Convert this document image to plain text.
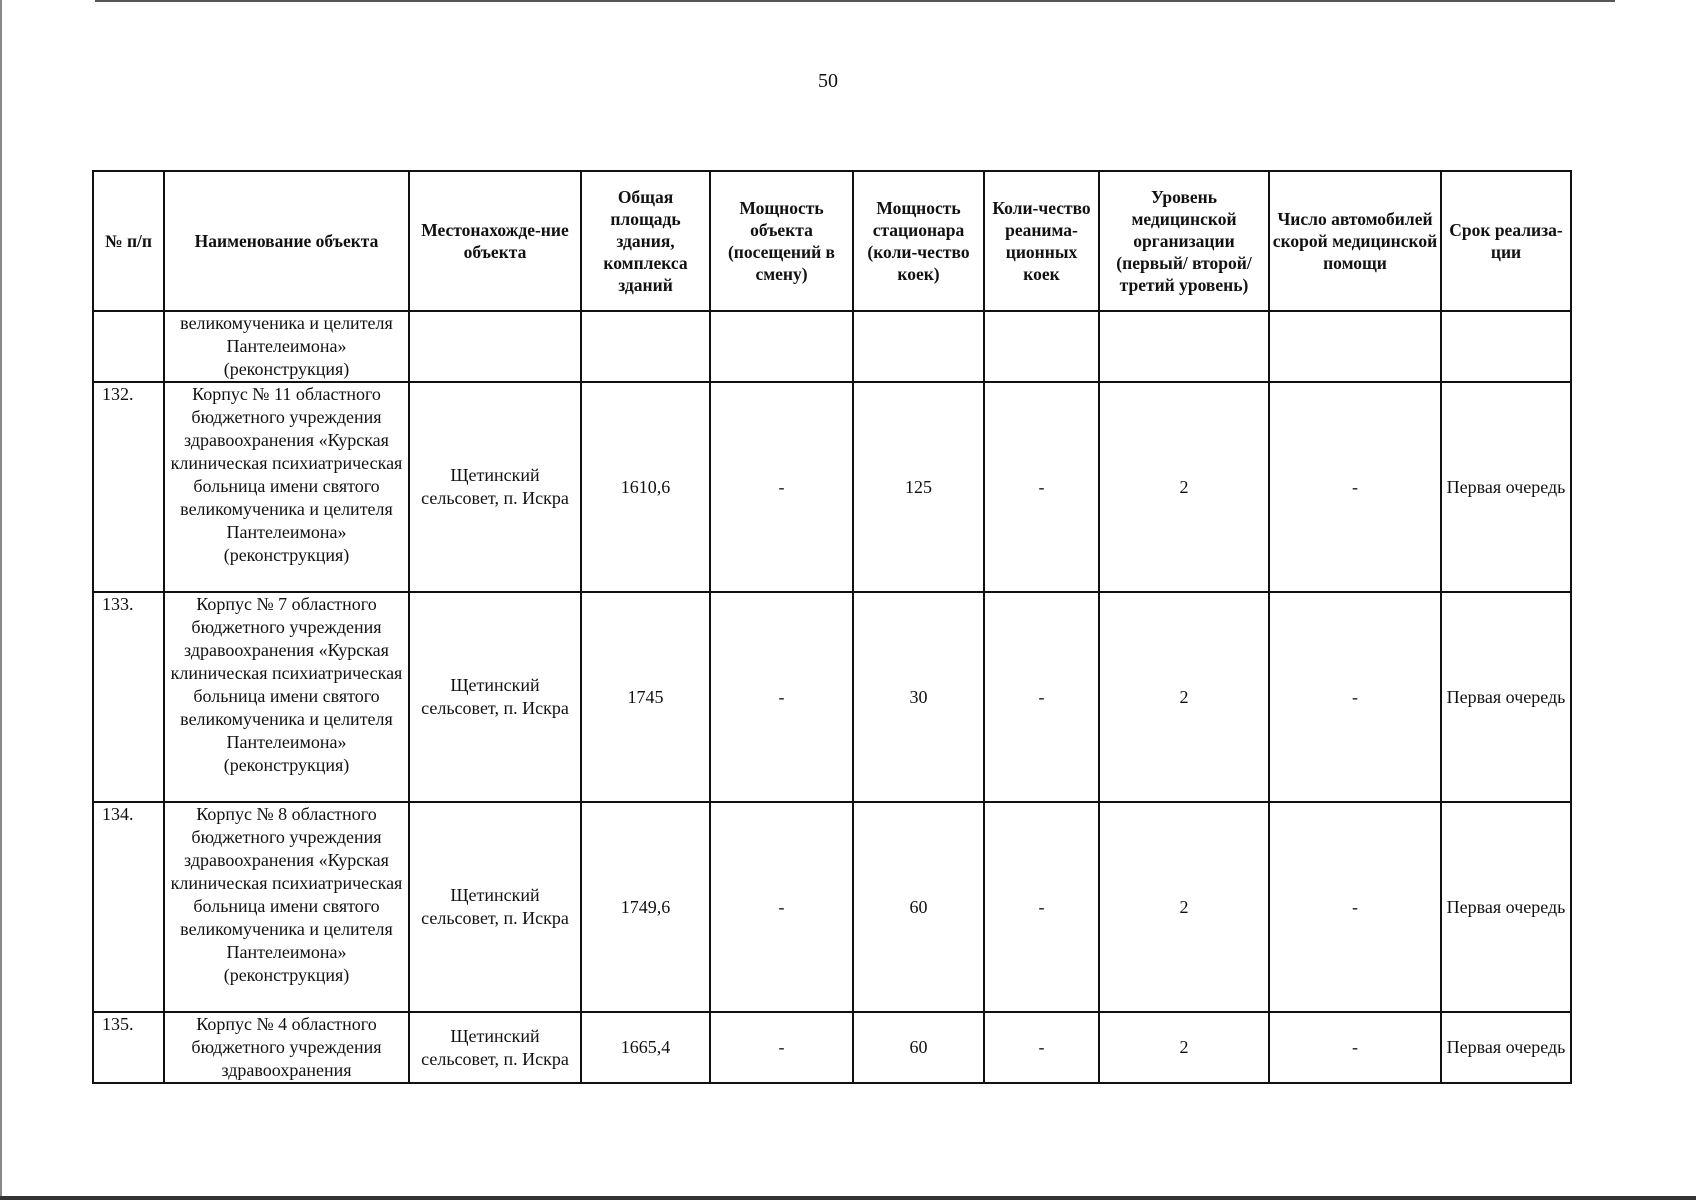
50
№ п/п	Наименование объекта	Местонахожде-ние объекта	Общая площадь здания, комплекса зданий	Мощность объекта (посещений в смену)	Мощность стационара (коли-чество коек)	Коли-чество реанима-ционных коек	Уровень медицинской организации (первый/ второй/ третий уровень)	Число автомобилей скорой медицинской помощи	Срок реализа-ции
	великомученика и целителя Пантелеимона» (реконструкция)								
132.	Корпус № 11 областного бюджетного учреждения здравоохранения «Курская клиническая психиатрическая больница имени святого великомученика и целителя Пантелеимона» (реконструкция)	Щетинский сельсовет, п. Искра	1610,6	-	125	-	2	-	Первая очередь
133.	Корпус № 7 областного бюджетного учреждения здравоохранения «Курская клиническая психиатрическая больница имени святого великомученика и целителя Пантелеимона» (реконструкция)	Щетинский сельсовет, п. Искра	1745	-	30	-	2	-	Первая очередь
134.	Корпус № 8 областного бюджетного учреждения здравоохранения «Курская клиническая психиатрическая больница имени святого великомученика и целителя Пантелеимона» (реконструкция)	Щетинский сельсовет, п. Искра	1749,6	-	60	-	2	-	Первая очередь
135.	Корпус № 4 областного бюджетного учреждения здравоохранения	Щетинский сельсовет, п. Искра	1665,4	-	60	-	2	-	Первая очередь
